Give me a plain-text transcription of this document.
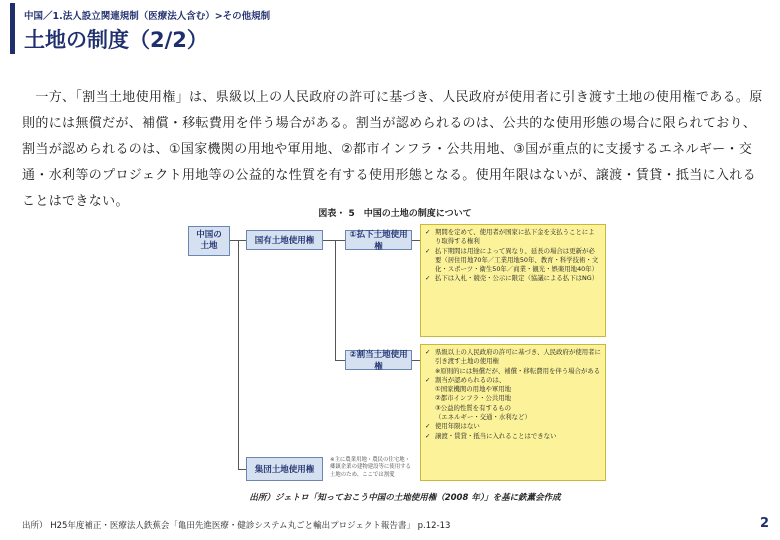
中国／1.法人設立関連規制（医療法人含む）>その他規制
土地の制度（2/2）
　一方、「割当土地使用権」は、県級以上の人民政府の許可に基づき、人民政府が使用者に引き渡す土地の使用権である。原則的には無償だが、補償・移転費用を伴う場合がある。割当が認められるのは、公共的な使用形態の場合に限られており、割当が認められるのは、①国家機関の用地や軍用地、②都市インフラ・公共用地、③国が重点的に支援するエネルギー・交通・水利等のプロジェクト用地等の公益的な性質を有する使用形態となる。使用年限はないが、譲渡・賃貸・抵当に入れることはできない。
図表・ 5　中国の土地の制度について
中国の土地	国有土地使用権
①払下土地使用権
②割当土地使用権
集団土地使用権
※主に農業用地・農民の住宅地・郷鎮企業の建物建設等に使用する土地のため、ここでは割愛
✓ 期間を定めて、使用者が国家に払下金を支払うことにより取得する権利
✓ 払下期間は用途によって異なり、延長の場合は更新が必要（居住用地70年／工業用地50年、教育・科学技術・文化・スポーツ・衛生50年／商業・観光・娯楽用地40年）
✓ 払下は入札・競売・公示に限定（協議による払下はNG）
✓ 県級以上の人民政府の許可に基づき、人民政府が使用者に引き渡す土地の使用権
※原則的には無償だが、補償・移転費用を伴う場合がある
✓ 割当が認められるのは、
①国家機関の用地や軍用地
②都市インフラ・公共用地
③公益的性質を有するもの
（エネルギー・交通・水利など）
✓ 使用年限はない
✓ 譲渡・賃貸・抵当に入れることはできない
出所）ジェトロ「知っておこう中国の土地使用権（2008 年）」を基に鉄薫会作成
出所） H25年度補正・医療法人鉄蕉会「亀田先進医療・健診システム丸ごと輸出プロジェクト報告書」 p.12-13	2
